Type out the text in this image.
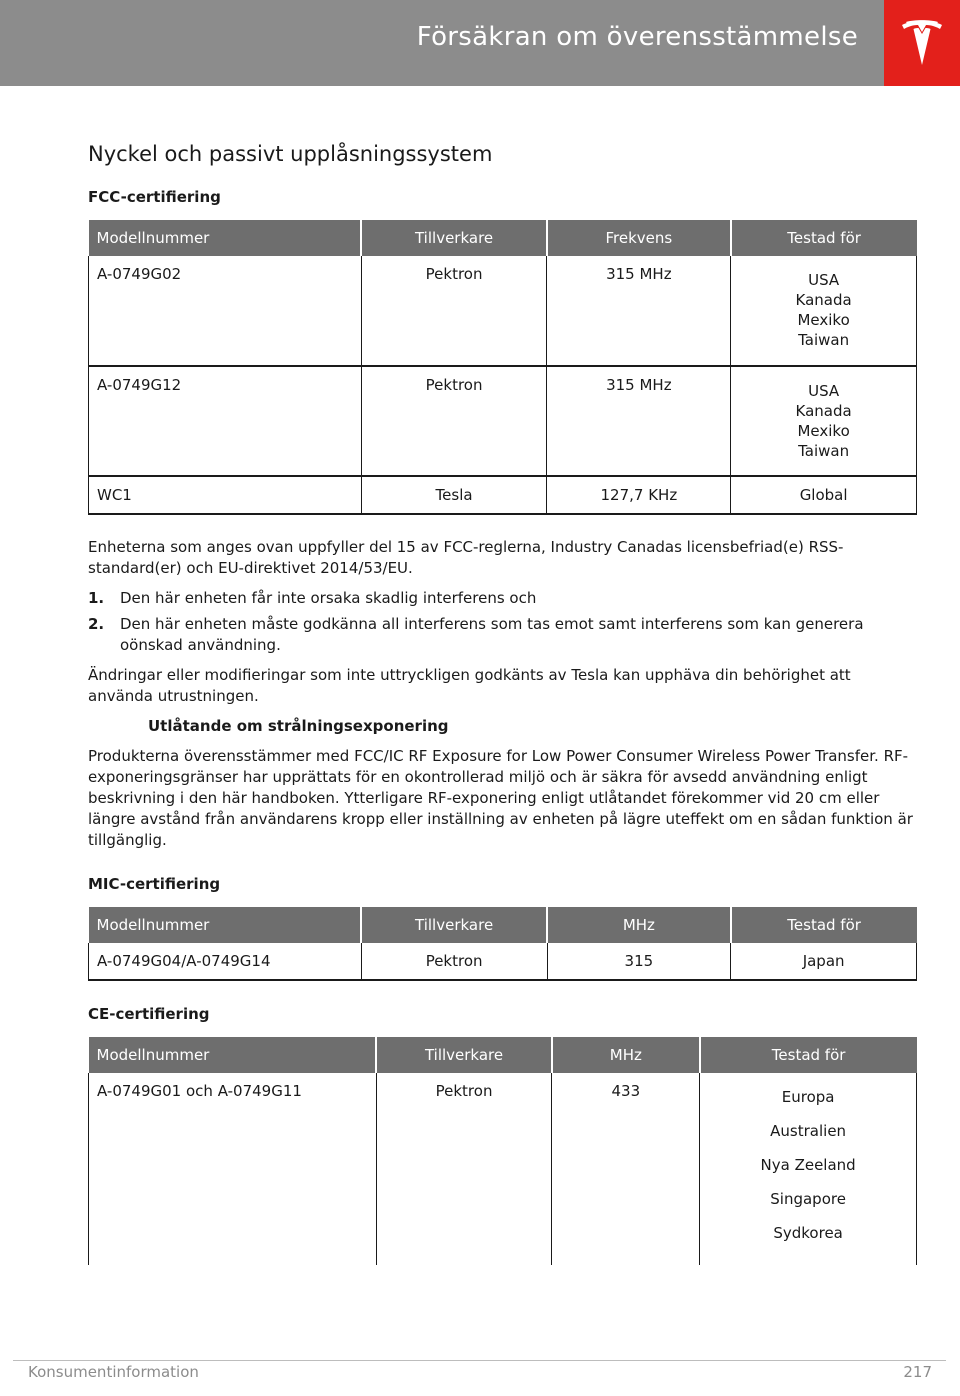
Försäkran om överensstämmelse
Nyckel och passivt upplåsningssystem
FCC-certifiering
Modellnummer	Tillverkare	Frekvens	Testad för
A-0749G02	Pektron	315 MHz	USA
Kanada
Mexiko
Taiwan

A-0749G12	Pektron	315 MHz	USA
Kanada
Mexiko
Taiwan

WC1	Tesla	127,7 KHz	Global

Enheterna som anges ovan uppfyller del 15 av FCC-reglerna, Industry Canadas licensbefriad(e) RSS-standard(er) och EU-direktivet 2014/53/EU.

1. Den här enheten får inte orsaka skadlig interferens och
2. Den här enheten måste godkänna all interferens som tas emot samt interferens som kan generera oönskad användning.

Ändringar eller modifieringar som inte uttryckligen godkänts av Tesla kan upphäva din behörighet att använda utrustningen.

Utlåtande om strålningsexponering

Produkterna överensstämmer med FCC/IC RF Exposure for Low Power Consumer Wireless Power Transfer. RF-exponeringsgränser har upprättats för en okontrollerad miljö och är säkra för avsedd användning enligt beskrivning i den här handboken. Ytterligare RF-exponering enligt utlåtandet förekommer vid 20 cm eller längre avstånd från användarens kropp eller inställning av enheten på lägre uteffekt om en sådan funktion är tillgänglig.

MIC-certifiering
Modellnummer	Tillverkare	MHz	Testad för
A-0749G04/A-0749G14	Pektron	315	Japan
CE-certifiering
Modellnummer	Tillverkare	MHz	Testad för
A-0749G01 och A-0749G11	Pektron	433	Europa
Australien
Nya Zeeland
Singapore
Sydkorea
Konsumentinformation	217
